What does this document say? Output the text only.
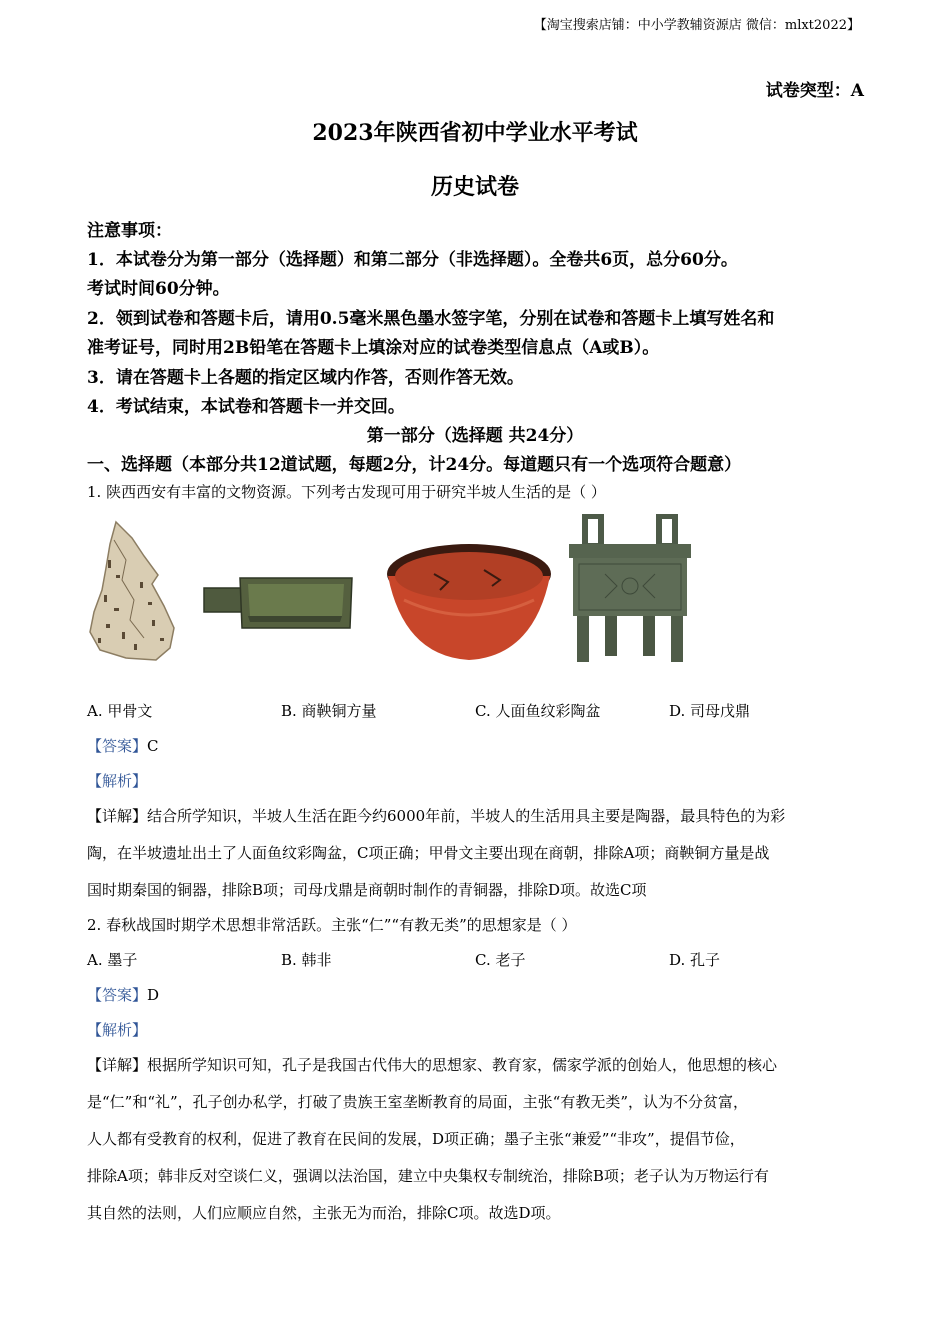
【淘宝搜索店铺：中小学教辅资源店 微信：mlxt2022】
试卷突型：A
2023年陕西省初中学业水平考试
历史试卷
注意事项：
1．本试卷分为第一部分（选择题）和第二部分（非选择题）。全卷共6页，总分60分。
考试时间60分钟。
2．领到试卷和答题卡后，请用0.5毫米黑色墨水签字笔，分别在试卷和答题卡上填写姓名和
准考证号，同时用2B铅笔在答题卡上填涂对应的试卷类型信息点（A或B）。
3．请在答题卡上各题的指定区域内作答，否则作答无效。
4．考试结束，本试卷和答题卡一并交回。
第一部分（选择题 共24分）
一、选择题（本部分共12道试题，每题2分，计24分。每道题只有一个选项符合题意）
1. 陕西西安有丰富的文物资源。下列考古发现可用于研究半坡人生活的是（ ）
A. 甲骨文	B. 商鞅铜方量	C. 人面鱼纹彩陶盆	D. 司母戊鼎
【答案】C
【解析】
【详解】结合所学知识，半坡人生活在距今约6000年前，半坡人的生活用具主要是陶器，最具特色的为彩
陶，在半坡遗址出土了人面鱼纹彩陶盆，C项正确；甲骨文主要出现在商朝，排除A项；商鞅铜方量是战
国时期秦国的铜器，排除B项；司母戊鼎是商朝时制作的青铜器，排除D项。故选C项
2. 春秋战国时期学术思想非常活跃。主张“仁”“有教无类”的思想家是（ ）
A. 墨子	B. 韩非	C. 老子	D. 孔子
【答案】D
【解析】
【详解】根据所学知识可知，孔子是我国古代伟大的思想家、教育家，儒家学派的创始人，他思想的核心
是“仁”和“礼”，孔子创办私学，打破了贵族王室垄断教育的局面，主张“有教无类”，认为不分贫富，
人人都有受教育的权利，促进了教育在民间的发展，D项正确；墨子主张“兼爱”“非攻”，提倡节俭，
排除A项；韩非反对空谈仁义，强调以法治国，建立中央集权专制统治，排除B项；老子认为万物运行有
其自然的法则，人们应顺应自然，主张无为而治，排除C项。故选D项。
